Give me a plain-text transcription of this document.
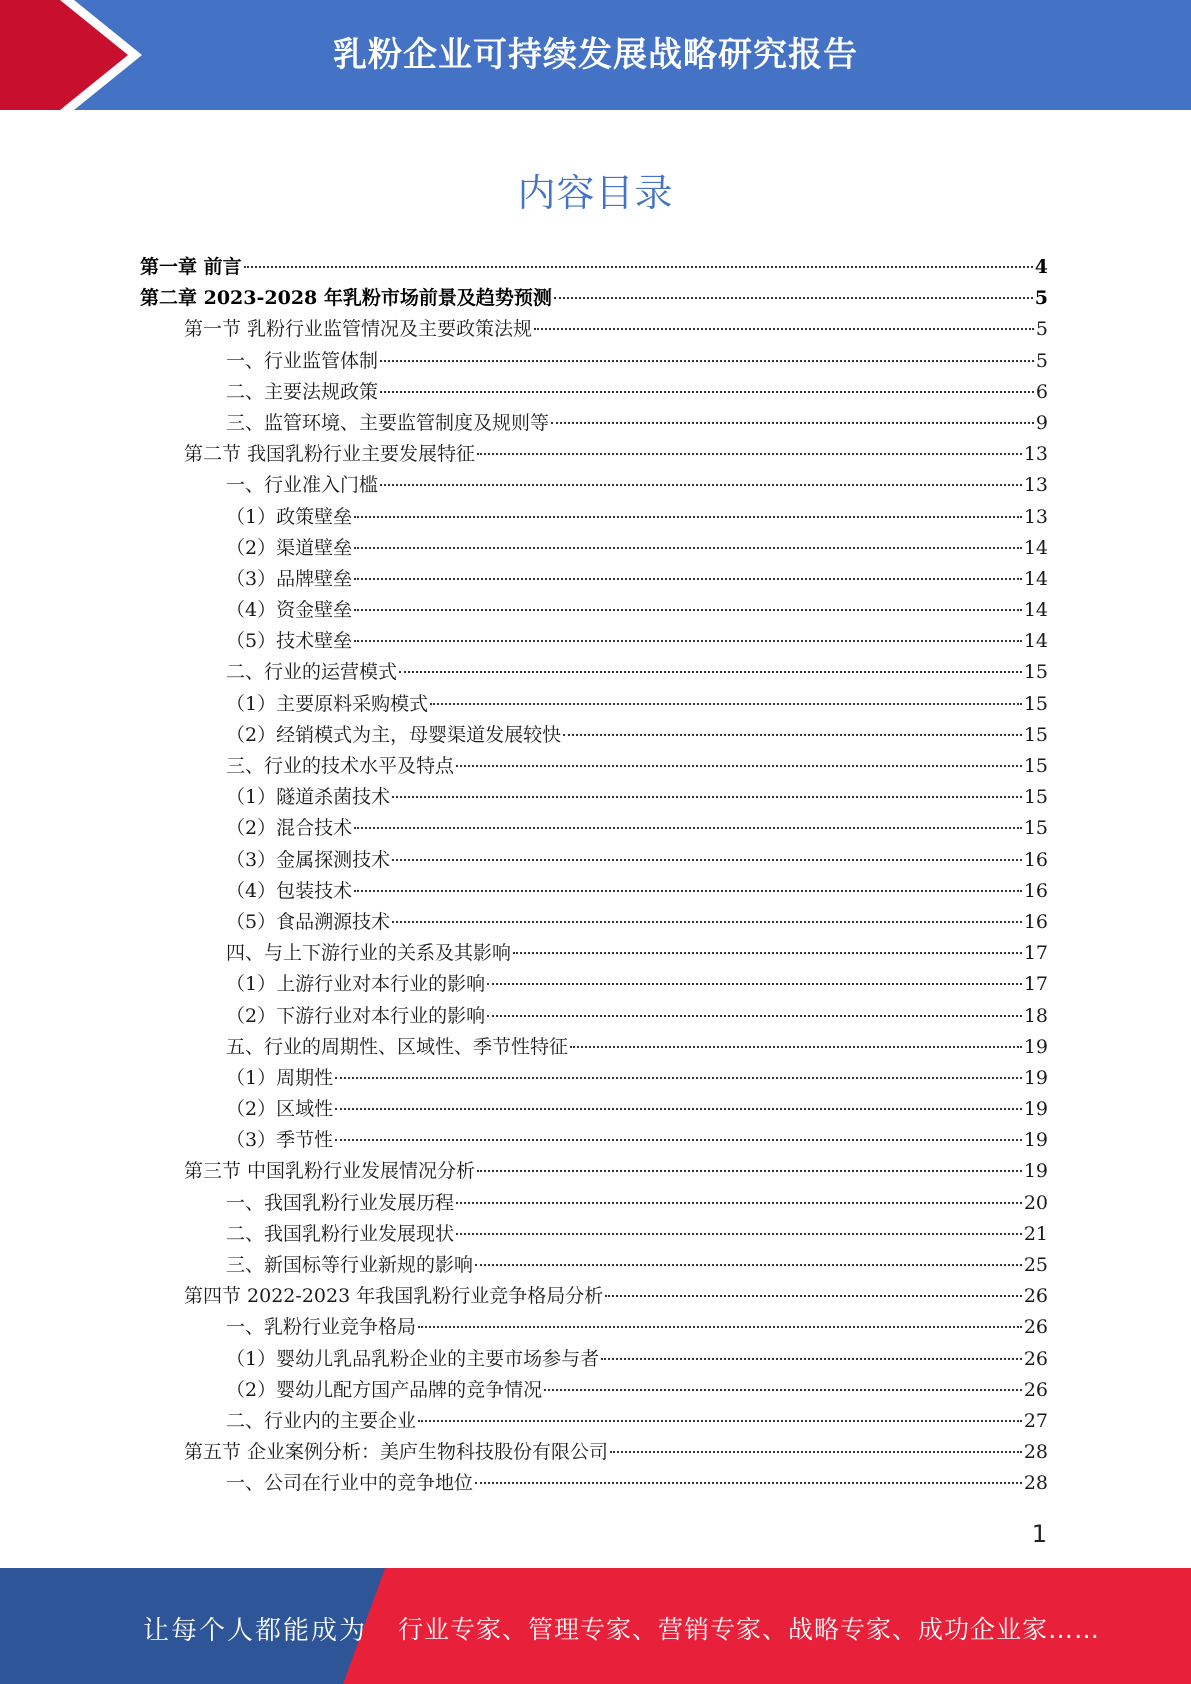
乳粉企业可持续发展战略研究报告
内容目录
第一章 前言	4
第二章 2023-2028 年乳粉市场前景及趋势预测	5
第一节 乳粉行业监管情况及主要政策法规	5
一、行业监管体制	5
二、主要法规政策	6
三、监管环境、主要监管制度及规则等	9
第二节 我国乳粉行业主要发展特征	13
一、行业准入门槛	13
（1）政策壁垒	13
（2）渠道壁垒	14
（3）品牌壁垒	14
（4）资金壁垒	14
（5）技术壁垒	14
二、行业的运营模式	15
（1）主要原料采购模式	15
（2）经销模式为主，母婴渠道发展较快	15
三、行业的技术水平及特点	15
（1）隧道杀菌技术	15
（2）混合技术	15
（3）金属探测技术	16
（4）包装技术	16
（5）食品溯源技术	16
四、与上下游行业的关系及其影响	17
（1）上游行业对本行业的影响	17
（2）下游行业对本行业的影响	18
五、行业的周期性、区域性、季节性特征	19
（1）周期性	19
（2）区域性	19
（3）季节性	19
第三节 中国乳粉行业发展情况分析	19
一、我国乳粉行业发展历程	20
二、我国乳粉行业发展现状	21
三、新国标等行业新规的影响	25
第四节 2022-2023 年我国乳粉行业竞争格局分析	26
一、乳粉行业竞争格局	26
（1）婴幼儿乳品乳粉企业的主要市场参与者	26
（2）婴幼儿配方国产品牌的竞争情况	26
二、行业内的主要企业	27
第五节 企业案例分析：美庐生物科技股份有限公司	28
一、公司在行业中的竞争地位	28
1
让每个人都能成为 行业专家、管理专家、营销专家、战略专家、成功企业家……
